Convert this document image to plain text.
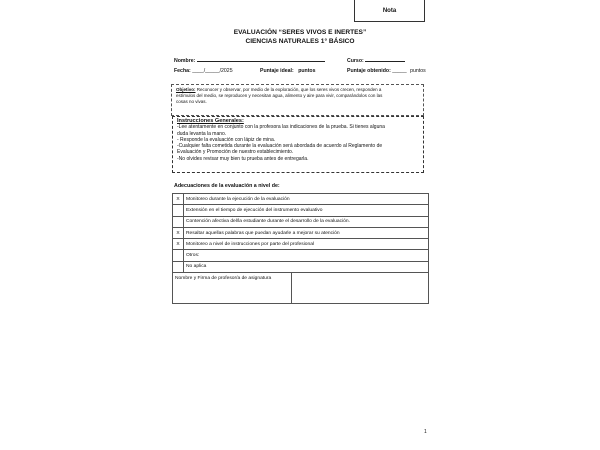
Nota
EVALUACIÓN “SERES VIVOS E INERTES”
CIENCIAS NATURALES 1° BÁSICO
Nombre:	Curso:
Fecha: ____/_____/2025	Puntaje ideal: puntos	Puntaje obtenido: _____ puntos
Objetivo: Reconocer y observar, por medio de la exploración, que los seres vivos crecen, responden a
estímulos del medio, se reproducen y necesitan agua, alimento y aire para vivir, comparándolos con las
cosas no vivas.
Instrucciones Generales:
-Lee atentamente en conjunto con la profesora las indicaciones de la prueba. Si tienes alguna
duda levanta la mano.
- Responde la evaluación con lápiz de mina.
-Cualquier falta cometida durante la evaluación será abordada de acuerdo al Reglamento de
Evaluación y Promoción de nuestro establecimiento.
-No olvides revisar muy bien tu prueba antes de entregarla.
Adecuaciones de la evaluación a nivel de:
X	Monitoreo durante la ejecución de la evaluación	
	Extensión en el tiempo de ejecución del instrumento evaluativo	
	Contención afectiva del/la estudiante durante el desarrollo de la evaluación.	
X	Resaltar aquellas palabras que puedan ayudarle a mejorar su atención	
X	Monitoreo a nivel de instrucciones por parte del profesional	
	Otros:	
	No aplica	
Nombre y Firma de profesor/a de asignatura		
1
